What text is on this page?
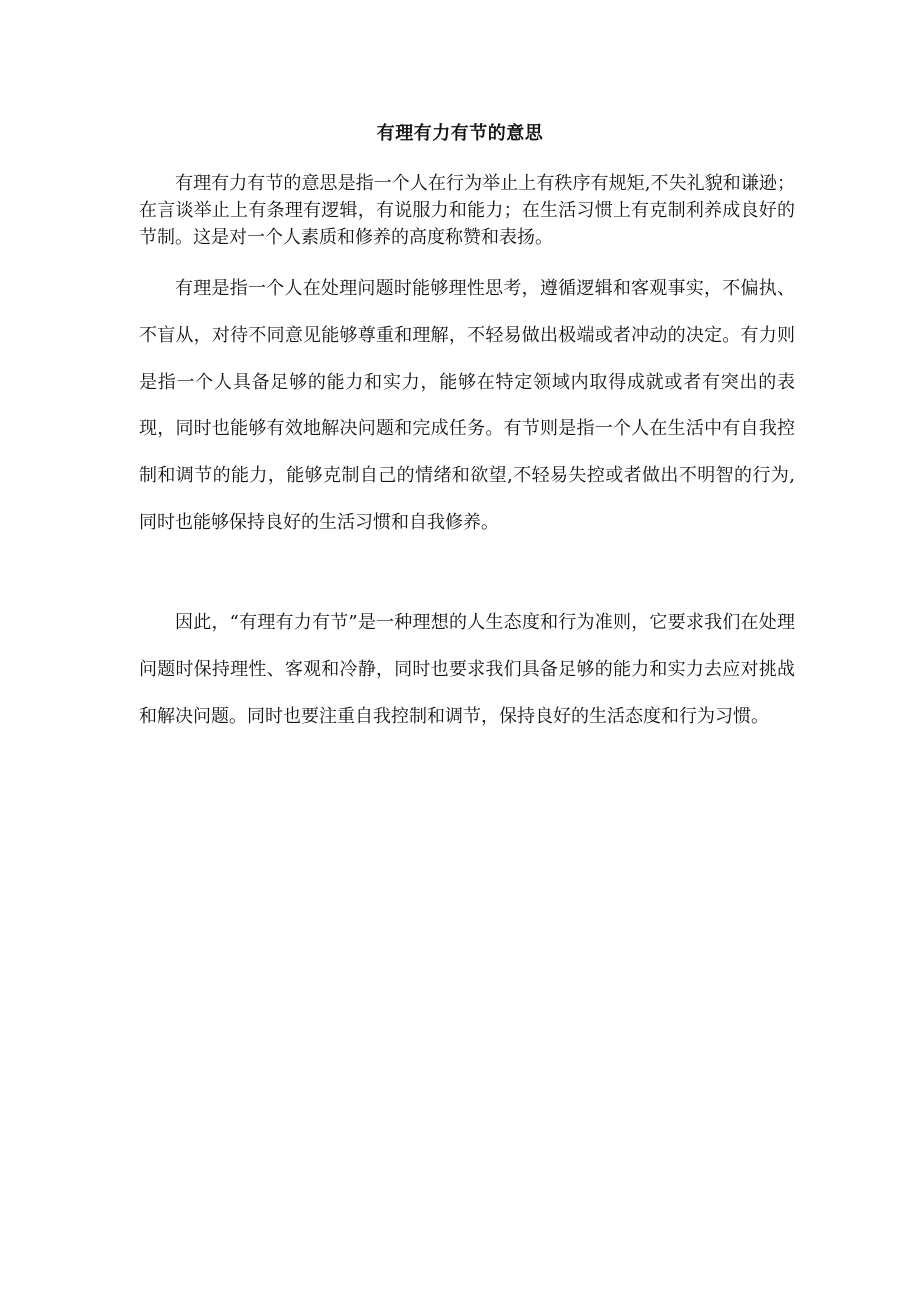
有理有力有节的意思

有理有力有节的意思是指一个人在行为举止上有秩序有规矩,不失礼貌和谦逊；在言谈举止上有条理有逻辑，有说服力和能力；在生活习惯上有克制利养成良好的节制。这是对一个人素质和修养的高度称赞和表扬。

有理是指一个人在处理问题时能够理性思考，遵循逻辑和客观事实，不偏执、不盲从，对待不同意见能够尊重和理解，不轻易做出极端或者冲动的决定。有力则是指一个人具备足够的能力和实力，能够在特定领域内取得成就或者有突出的表现，同时也能够有效地解决问题和完成任务。有节则是指一个人在生活中有自我控制和调节的能力，能够克制自己的情绪和欲望,不轻易失控或者做出不明智的行为,同时也能够保持良好的生活习惯和自我修养。

因此，“有理有力有节”是一种理想的人生态度和行为准则，它要求我们在处理问题时保持理性、客观和冷静，同时也要求我们具备足够的能力和实力去应对挑战和解决问题。同时也要注重自我控制和调节，保持良好的生活态度和行为习惯。
